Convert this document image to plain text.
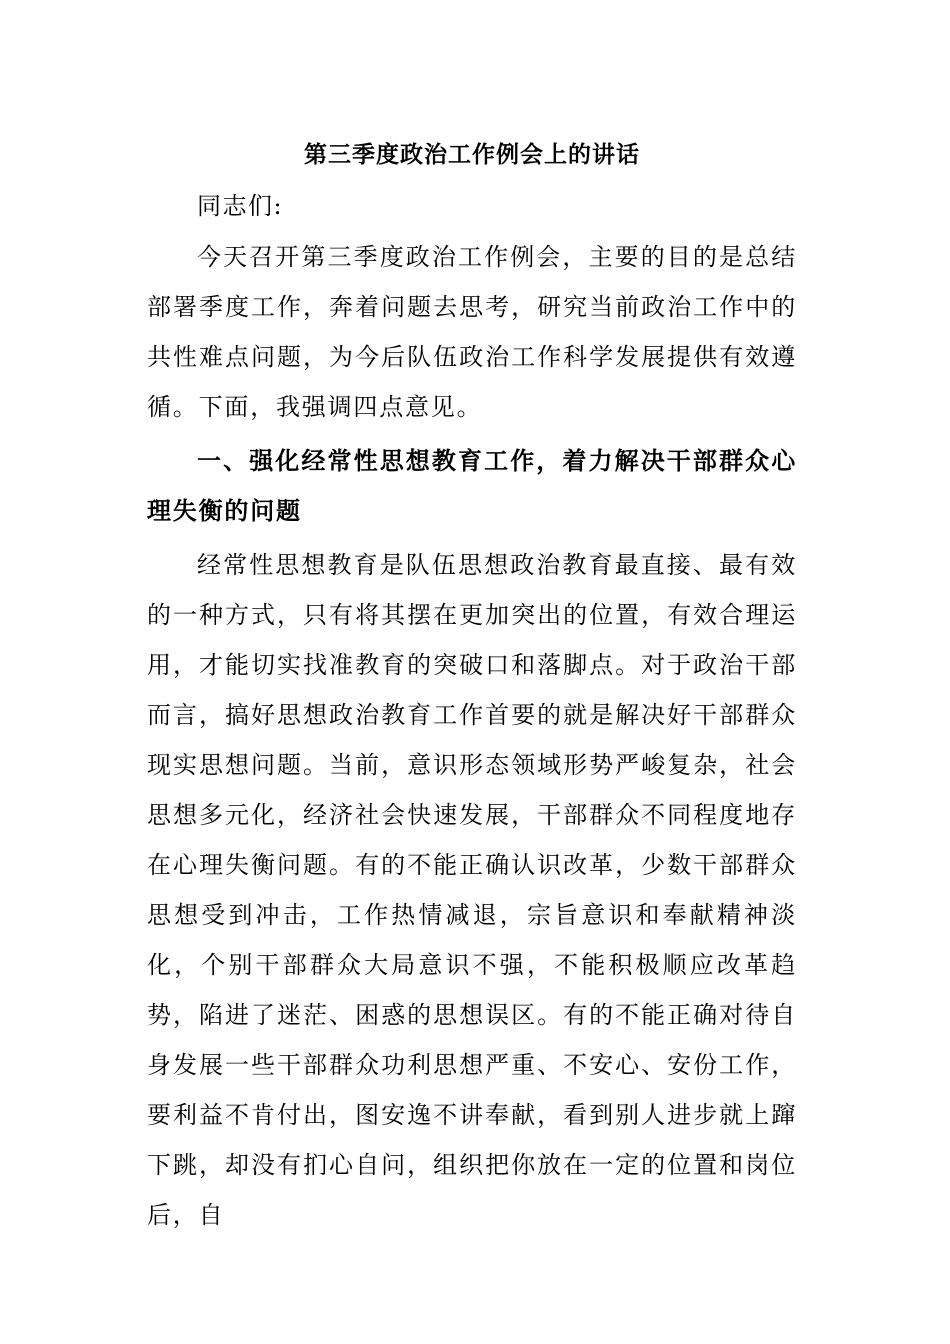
第三季度政治工作例会上的讲话

同志们:

今天召开第三季度政治工作例会，主要的目的是总结部署季度工作，奔着问题去思考，研究当前政治工作中的共性难点问题，为今后队伍政治工作科学发展提供有效遵循。下面，我强调四点意见。

一、强化经常性思想教育工作，着力解决干部群众心理失衡的问题

经常性思想教育是队伍思想政治教育最直接、最有效的一种方式，只有将其摆在更加突出的位置，有效合理运用，才能切实找准教育的突破口和落脚点。对于政治干部而言，搞好思想政治教育工作首要的就是解决好干部群众现实思想问题。当前，意识形态领域形势严峻复杂，社会思想多元化，经济社会快速发展，干部群众不同程度地存在心理失衡问题。有的不能正确认识改革，少数干部群众思想受到冲击，工作热情减退，宗旨意识和奉献精神淡化，个别干部群众大局意识不强，不能积极顺应改革趋势，陷进了迷茫、困惑的思想误区。有的不能正确对待自身发展一些干部群众功利思想严重、不安心、安份工作，要利益不肯付出，图安逸不讲奉献，看到别人进步就上蹿下跳，却没有扪心自问，组织把你放在一定的位置和岗位后，自
